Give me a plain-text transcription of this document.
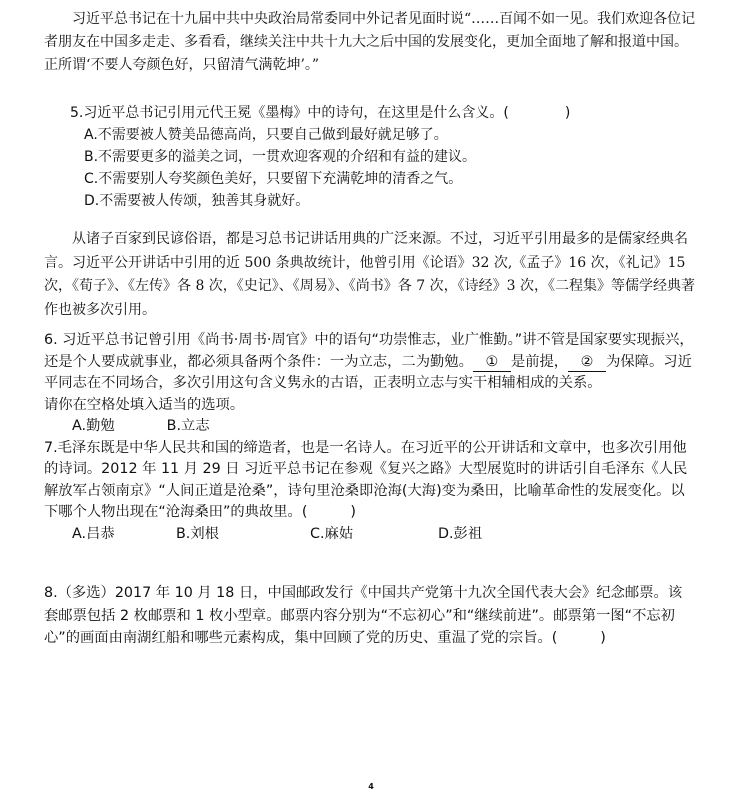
习近平总书记在十九届中共中央政治局常委同中外记者见面时说“……百闻不如一见。我们欢迎各位记者朋友在中国多走走、多看看，继续关注中共十九大之后中国的发展变化，更加全面地了解和报道中国。正所谓‘不要人夸颜色好，只留清气满乾坤’。”
5.习近平总书记引用元代王冕《墨梅》中的诗句，在这里是什么含义。(　　　　)
A.不需要被人赞美品德高尚，只要自己做到最好就足够了。
B.不需要更多的溢美之词，一贯欢迎客观的介绍和有益的建议。
C.不需要别人夸奖颜色美好，只要留下充满乾坤的清香之气。
D.不需要被人传颂，独善其身就好。
从诸子百家到民谚俗语，都是习总书记讲话用典的广泛来源。不过，习近平引用最多的是儒家经典名言。习近平公开讲话中引用的近 500 条典故统计，他曾引用《论语》32 次,《孟子》16 次，《礼记》15 次，《荀子》、《左传》各 8 次，《史记》、《周易》、《尚书》各 7 次，《诗经》3 次，《二程集》等儒学经典著作也被多次引用。
6. 习近平总书记曾引用《尚书·周书·周官》中的语句“功崇惟志，业广惟勤。”讲不管是国家要实现振兴，还是个人要成就事业，都必须具备两个条件：一为立志，二为勤勉。 ① 是前提， ② 为保障。习近平同志在不同场合，多次引用这句含义隽永的古语，正表明立志与实干相辅相成的关系。
请你在空格处填入适当的选项。
A.勤勉	B.立志
7.毛泽东既是中华人民共和国的缔造者，也是一名诗人。在习近平的公开讲话和文章中，也多次引用他的诗词。2012 年 11 月 29 日 习近平总书记在参观《复兴之路》大型展览时的讲话引自毛泽东《人民解放军占领南京》“人间正道是沧桑”，诗句里沧桑即沧海(大海)变为桑田，比喻革命性的发展变化。以下哪个人物出现在“沧海桑田”的典故里。(　　　)
A.吕恭	B.刘根	C.麻姑	D.彭祖
8.（多选）2017 年 10 月 18 日，中国邮政发行《中国共产党第十九次全国代表大会》纪念邮票。该套邮票包括 2 枚邮票和 1 枚小型章。邮票内容分别为“不忘初心”和“继续前进”。邮票第一图“不忘初心”的画面由南湖红船和哪些元素构成，集中回顾了党的历史、重温了党的宗旨。(　　　)
4
